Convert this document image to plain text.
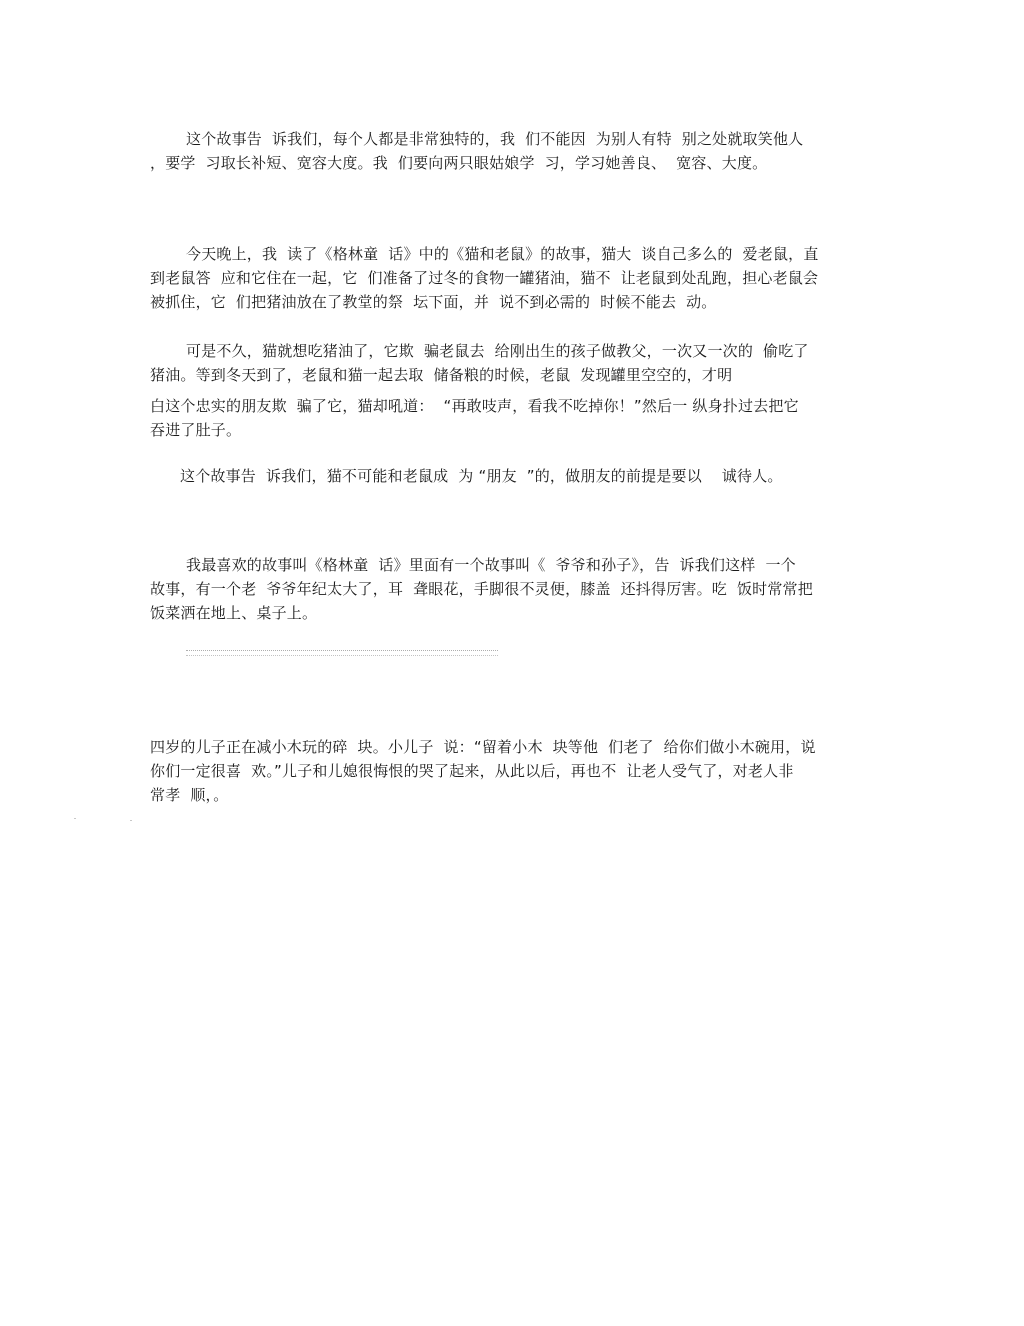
这个故事告  诉我们，每个人都是非常独特的，我  们不能因  为别人有特  别之处就取笑他人
，要学  习取长补短、宽容大度。我  们要向两只眼姑娘学  习，学习她善良、  宽容、大度。
今天晚上，我  读了《格林童  话》中的《猫和老鼠》的故事，猫大  谈自己多么的  爱老鼠，直
到老鼠答  应和它住在一起，它  们准备了过冬的食物一罐猪油，猫不  让老鼠到处乱跑，担心老鼠会
被抓住，它  们把猪油放在了教堂的祭  坛下面，并  说不到必需的  时候不能去  动。
可是不久，猫就想吃猪油了，它欺  骗老鼠去  给刚出生的孩子做教父，一次又一次的  偷吃了
猪油。等到冬天到了，老鼠和猫一起去取  储备粮的时候，老鼠  发现罐里空空的，才明
白这个忠实的朋友欺  骗了它，猫却吼道：  “再敢吱声，看我不吃掉你！”然后一 纵身扑过去把它
吞进了肚子。
这个故事告  诉我们，猫不可能和老鼠成  为 “朋友  ”的，做朋友的前提是要以    诚待人。
我最喜欢的故事叫《格林童  话》里面有一个故事叫《  爷爷和孙子》，告  诉我们这样  一个
故事，有一个老  爷爷年纪太大了，耳  聋眼花，手脚很不灵便，膝盖  还抖得厉害。吃  饭时常常把
饭菜洒在地上、桌子上。
四岁的儿子正在减小木玩的碎  块。小儿子  说：“留着小木  块等他  们老了  给你们做小木碗用，说
你们一定很喜  欢。”儿子和儿媳很悔恨的哭了起来，从此以后，再也不  让老人受气了，对老人非
常孝  顺，。
